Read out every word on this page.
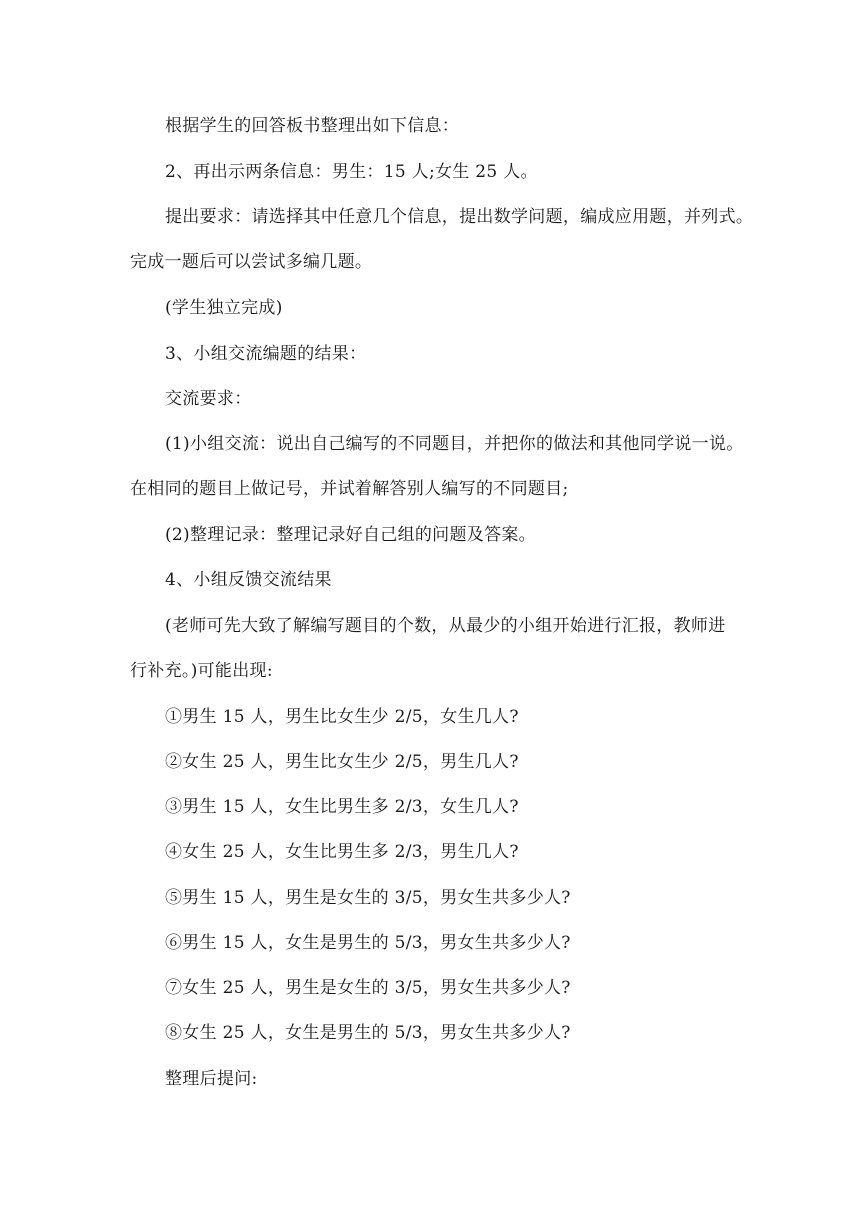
根据学生的回答板书整理出如下信息：
2、再出示两条信息：男生：15 人;女生 25 人。
提出要求：请选择其中任意几个信息，提出数学问题，编成应用题，并列式。
完成一题后可以尝试多编几题。
(学生独立完成)
3、小组交流编题的结果：
交流要求：
(1)小组交流：说出自己编写的不同题目，并把你的做法和其他同学说一说。
在相同的题目上做记号，并试着解答别人编写的不同题目;
(2)整理记录：整理记录好自己组的问题及答案。
4、小组反馈交流结果
(老师可先大致了解编写题目的个数，从最少的小组开始进行汇报，教师进
行补充。)可能出现:
①男生 15 人，男生比女生少 2/5，女生几人?
②女生 25 人，男生比女生少 2/5，男生几人?
③男生 15 人，女生比男生多 2/3，女生几人?
④女生 25 人，女生比男生多 2/3，男生几人?
⑤男生 15 人，男生是女生的 3/5，男女生共多少人?
⑥男生 15 人，女生是男生的 5/3，男女生共多少人?
⑦女生 25 人，男生是女生的 3/5，男女生共多少人?
⑧女生 25 人，女生是男生的 5/3，男女生共多少人?
整理后提问:
